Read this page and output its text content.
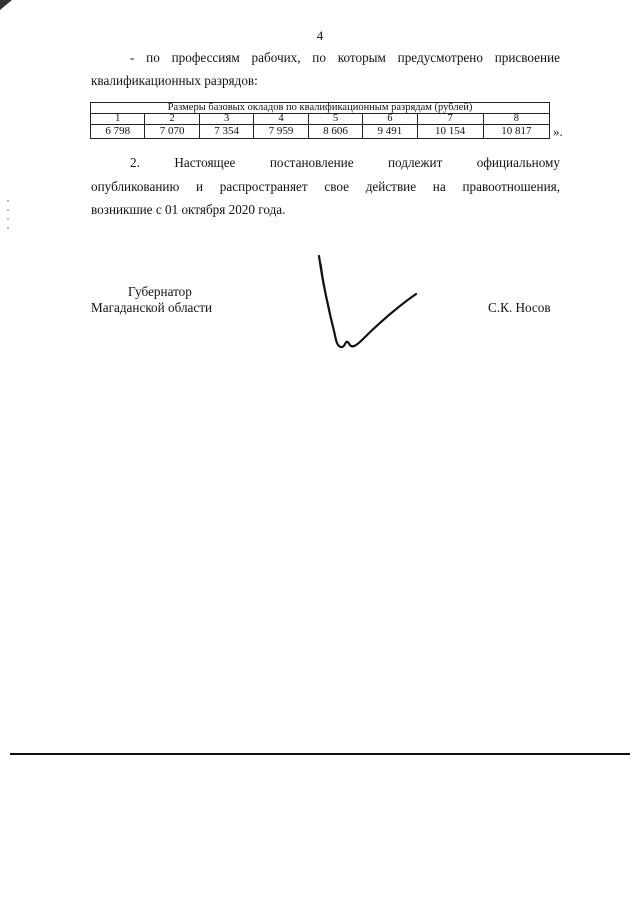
4
- по профессиям рабочих, по которым предусмотрено присвоение
квалификационных разрядов:
Размеры базовых окладов по квалификационным разрядам (рублей)							
1	2	3	4	5	6	7	8
6 798	7 070	7 354	7 959	8 606	9 491	10 154	10 817 ».
2. Настоящее постановление подлежит официальному
опубликованию и распространяет свое действие на правоотношения,
возникшие с 01 октября 2020 года.
Губернатор
Магаданской области	С.К. Носов
